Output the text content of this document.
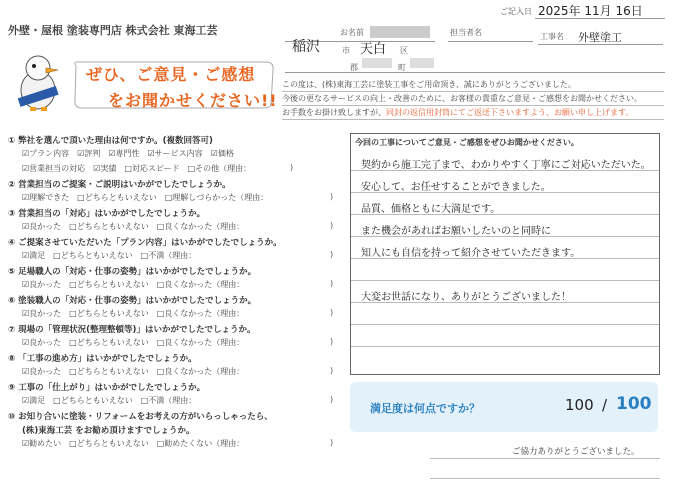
外壁・屋根 塗装専門店 株式会社 東海工芸
ご記入日 2025年 11月 16日
お名前	担当者名	工事名 外壁塗工
稲沢	市 天白 区
郡	町
ぜひ、ご意見・ご感想
をお聞かせください!!
この度は、(株)東海工芸に塗装工事をご用命頂き、誠にありがとうございました。
今後の更なるサービスの向上・改善のために、お客様の貴重なご意見・ご感想をお聞かせください。
お手数をお掛け致しますが、同封の返信用封筒にてご返送下さいますよう、お願い申し上げます。
① 弊社を選んで頂いた理由は何ですか。(複数回答可)
☑プラン内容　☑評判　☑専門性　☑サービス内容　☑価格
☑営業担当の対応　☑実績　□対応スピード　□その他（理由：	)
② 営業担当のご提案・ご説明はいかがでしたでしょうか。
☑理解できた　□どちらともいえない　□理解しづらかった（理由：
③ 営業担当の「対応」はいかがでしたでしょうか。
☑良かった　□どちらともいえない　□良くなかった（理由：
④ ご提案させていただいた「プラン内容」はいかがでしたでしょうか。
☑満足　□どちらともいえない　□不満（理由：
⑤ 足場職人の「対応・仕事の姿勢」はいかがでしたでしょうか。
☑良かった　□どちらともいえない　□良くなかった（理由：
⑥ 塗装職人の「対応・仕事の姿勢」はいかがでしたでしょうか。
☑良かった　□どちらともいえない　□良くなかった（理由：
⑦ 現場の「管理状況(整理整頓等)」はいかがでしたでしょうか。
☑良かった　□どちらともいえない　□良くなかった（理由：
⑧ 「工事の進め方」はいかがでしたでしょうか。
☑良かった　□どちらともいえない　□良くなかった（理由：
⑨ 工事の「仕上がり」はいかがでしたでしょうか。
☑満足　□どちらともいえない　□不満（理由：
⑩ お知り合いに塗装・リフォームをお考えの方がいらっしゃったら、
(株)東海工芸 をお勧め頂けますでしょうか。
☑勧めたい　□どちらともいえない　□勧めたくない（理由：
)
)
)
)
)
)
)
)
)
今回の工事についてご意見・ご感想をぜひお聞かせください。
契約から施工完了まで、わかりやすく丁寧にご対応いただいた。
安心して、お任せすることができました。
品質、価格ともに大満足です。
また機会があればお願いしたいのと同時に
知人にも自信を持って紹介させていただきます。
大変お世話になり、ありがとうございました！
満足度は何点ですか？	100 / 100
ご協力ありがとうございました。
